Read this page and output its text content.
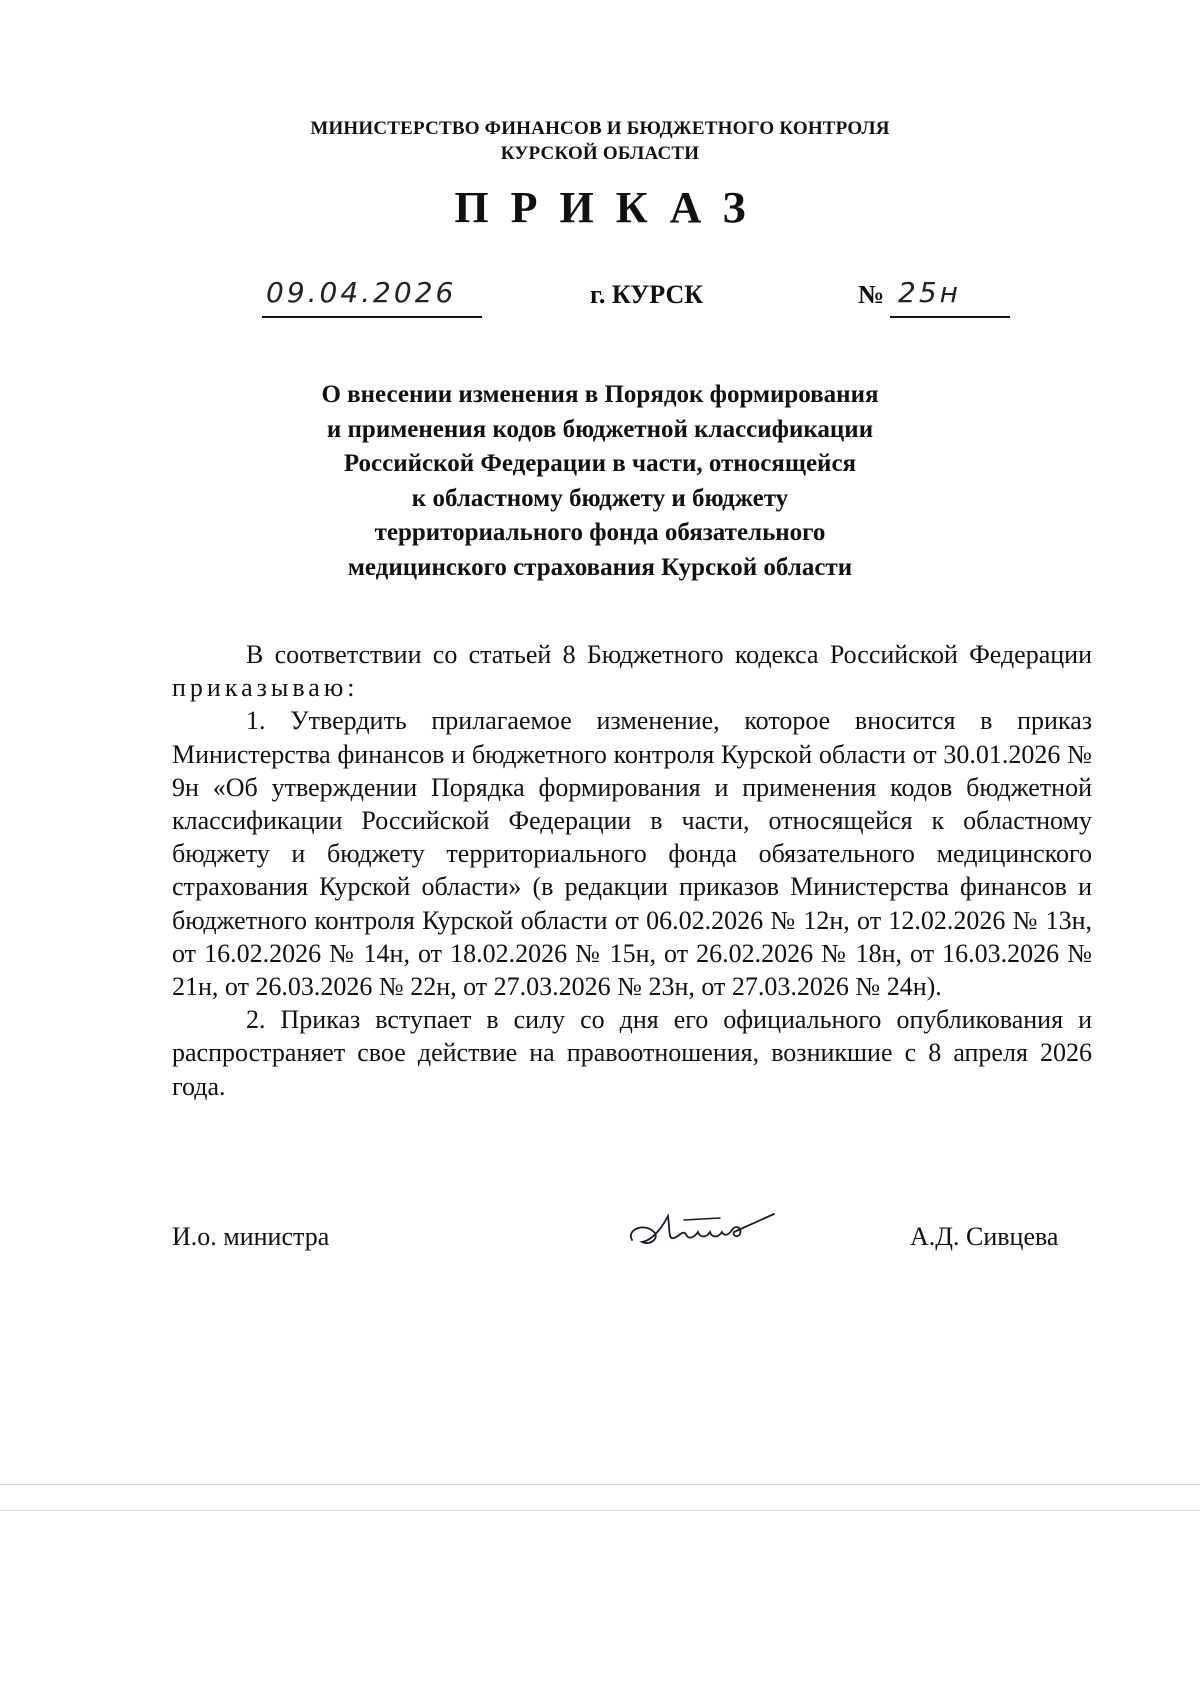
МИНИСТЕРСТВО ФИНАНСОВ И БЮДЖЕТНОГО КОНТРОЛЯ
КУРСКОЙ ОБЛАСТИ
ПРИКАЗ
09.04.2026	г. КУРСК	№ 25н
О внесении изменения в Порядок формирования
и применения кодов бюджетной классификации
Российской Федерации в части, относящейся
к областному бюджету и бюджету
территориального фонда обязательного
медицинского страхования Курской области

В соответствии со статьей 8 Бюджетного кодекса Российской Федерации приказываю:

1. Утвердить прилагаемое изменение, которое вносится в приказ Министерства финансов и бюджетного контроля Курской области от 30.01.2026 № 9н «Об утверждении Порядка формирования и применения кодов бюджетной классификации Российской Федерации в части, относящейся к областному бюджету и бюджету территориального фонда обязательного медицинского страхования Курской области» (в редакции приказов Министерства финансов и бюджетного контроля Курской области от 06.02.2026 № 12н, от 12.02.2026 № 13н, от 16.02.2026 № 14н, от 18.02.2026 № 15н, от 26.02.2026 № 18н, от 16.03.2026 № 21н, от 26.03.2026 № 22н, от 27.03.2026 № 23н, от 27.03.2026 № 24н).

2. Приказ вступает в силу со дня его официального опубликования и распространяет свое действие на правоотношения, возникшие с 8 апреля 2026 года.

И.о. министра	А.Д. Сивцева
